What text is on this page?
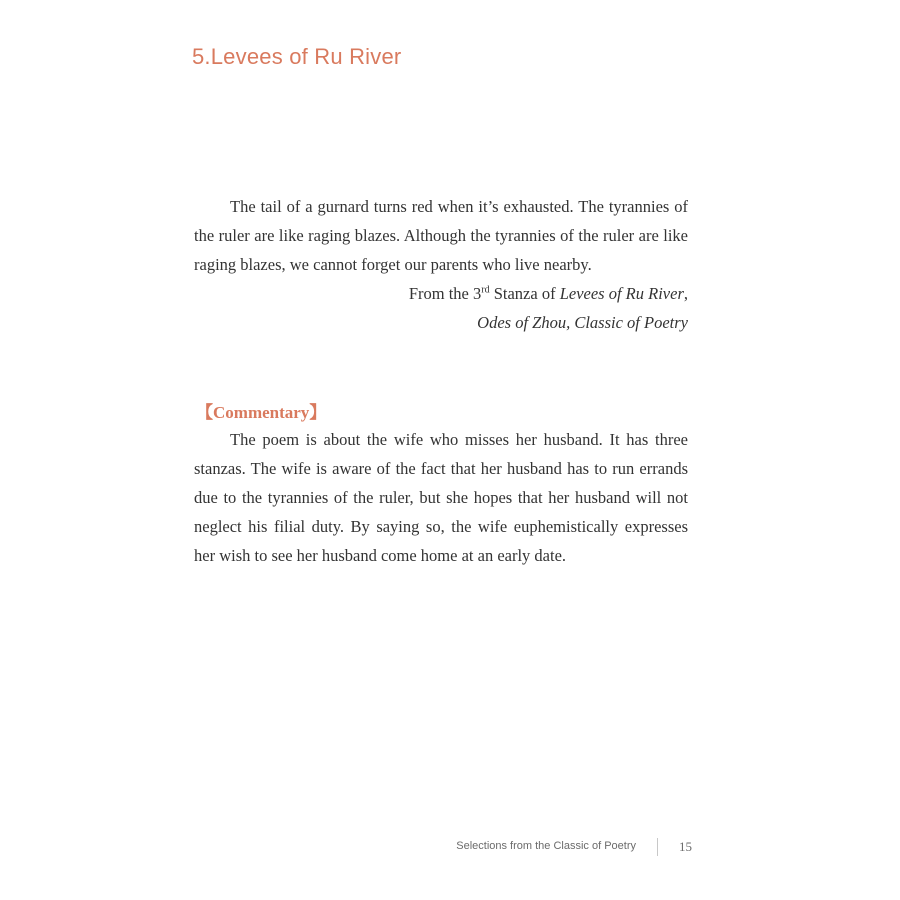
5.Levees of Ru River

The tail of a gurnard turns red when it’s exhausted. The tyrannies of the ruler are like raging blazes. Although the tyrannies of the ruler are like raging blazes, we cannot forget our parents who live nearby.

From the 3rd Stanza of Levees of Ru River,

Odes of Zhou, Classic of Poetry

【Commentary】

The poem is about the wife who misses her husband. It has three stanzas. The wife is aware of the fact that her husband has to run errands due to the tyrannies of the ruler, but she hopes that her husband will not neglect his filial duty. By saying so, the wife euphemistically expresses her wish to see her husband come home at an early date.

Selections from the Classic of Poetry	15
